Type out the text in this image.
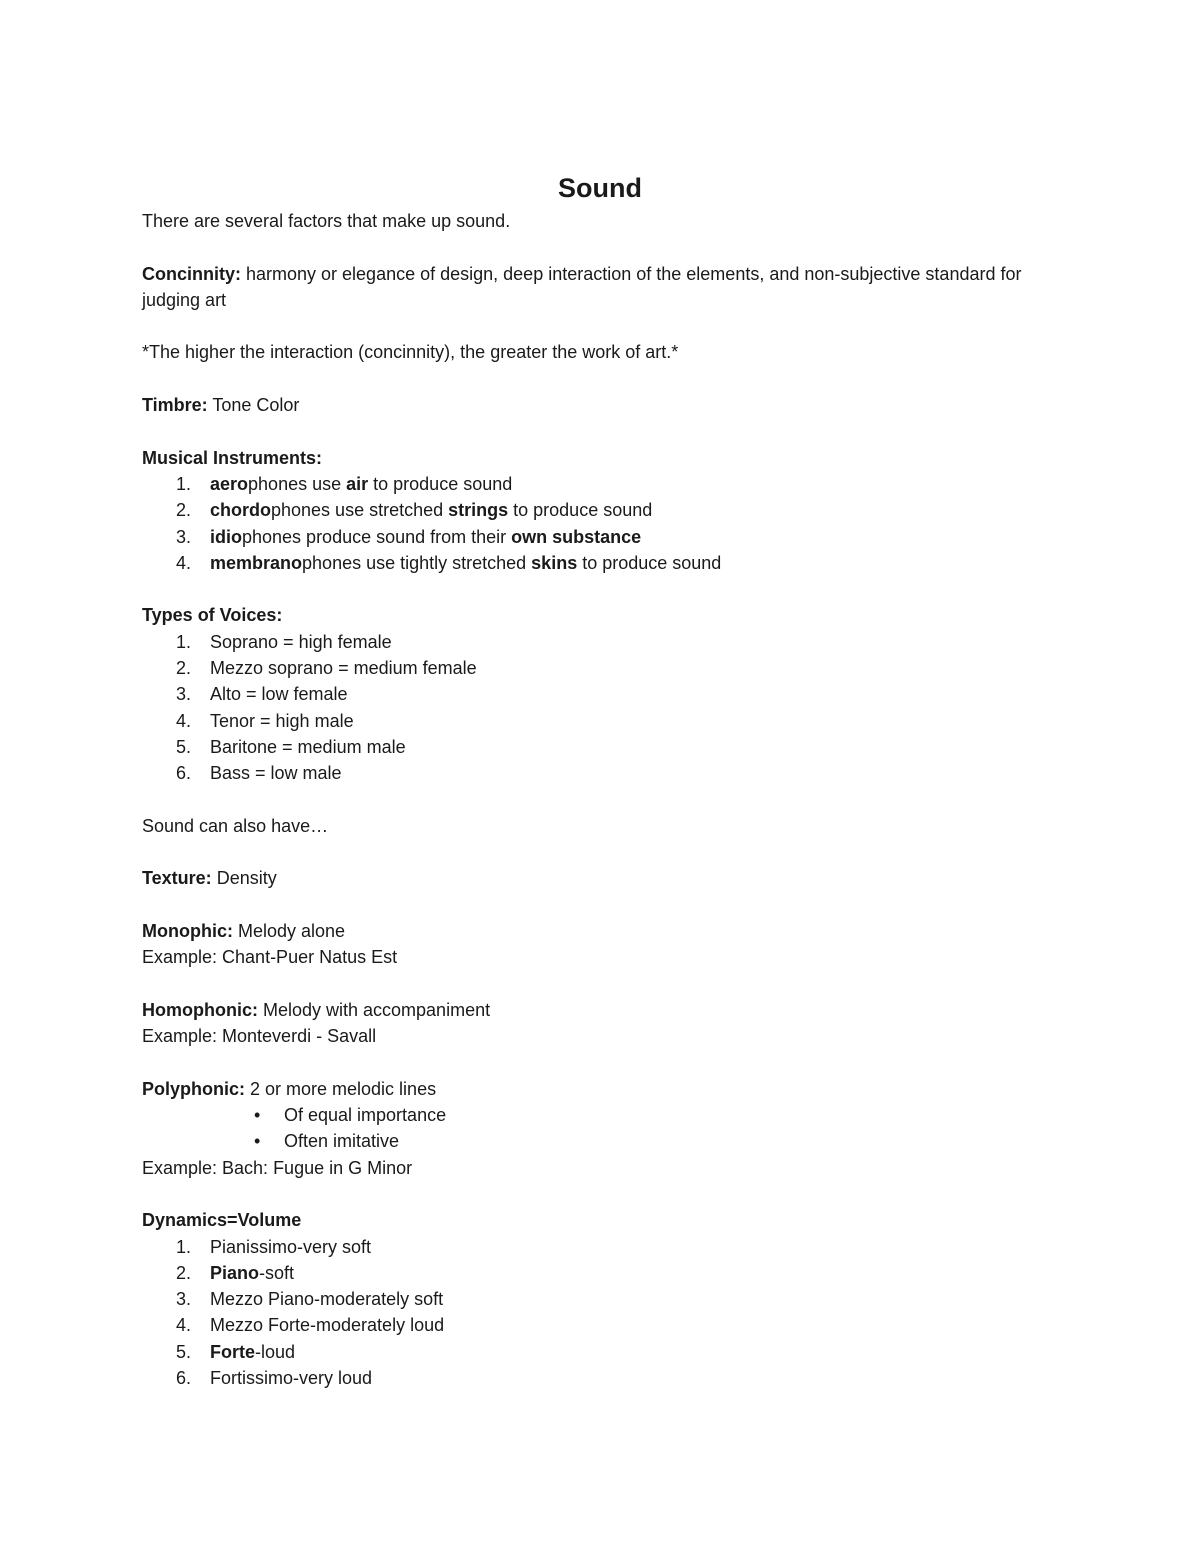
Sound
There are several factors that make up sound.
Concinnity: harmony or elegance of design, deep interaction of the elements, and non-subjective standard for judging art
*The higher the interaction (concinnity), the greater the work of art.*
Timbre: Tone Color
Musical Instruments:
1. aerophones use air to produce sound
2. chordophones use stretched strings to produce sound
3. idiophones produce sound from their own substance
4. membranophones use tightly stretched skins to produce sound
Types of Voices:
1. Soprano = high female
2. Mezzo soprano = medium female
3. Alto = low female
4. Tenor = high male
5. Baritone = medium male
6. Bass = low male
Sound can also have…
Texture: Density
Monophic: Melody alone
Example: Chant-Puer Natus Est
Homophonic: Melody with accompaniment
Example: Monteverdi - Savall
Polyphonic: 2 or more melodic lines
• Of equal importance
• Often imitative
Example: Bach: Fugue in G Minor
Dynamics=Volume
1. Pianissimo-very soft
2. Piano-soft
3. Mezzo Piano-moderately soft
4. Mezzo Forte-moderately loud
5. Forte-loud
6. Fortissimo-very loud
